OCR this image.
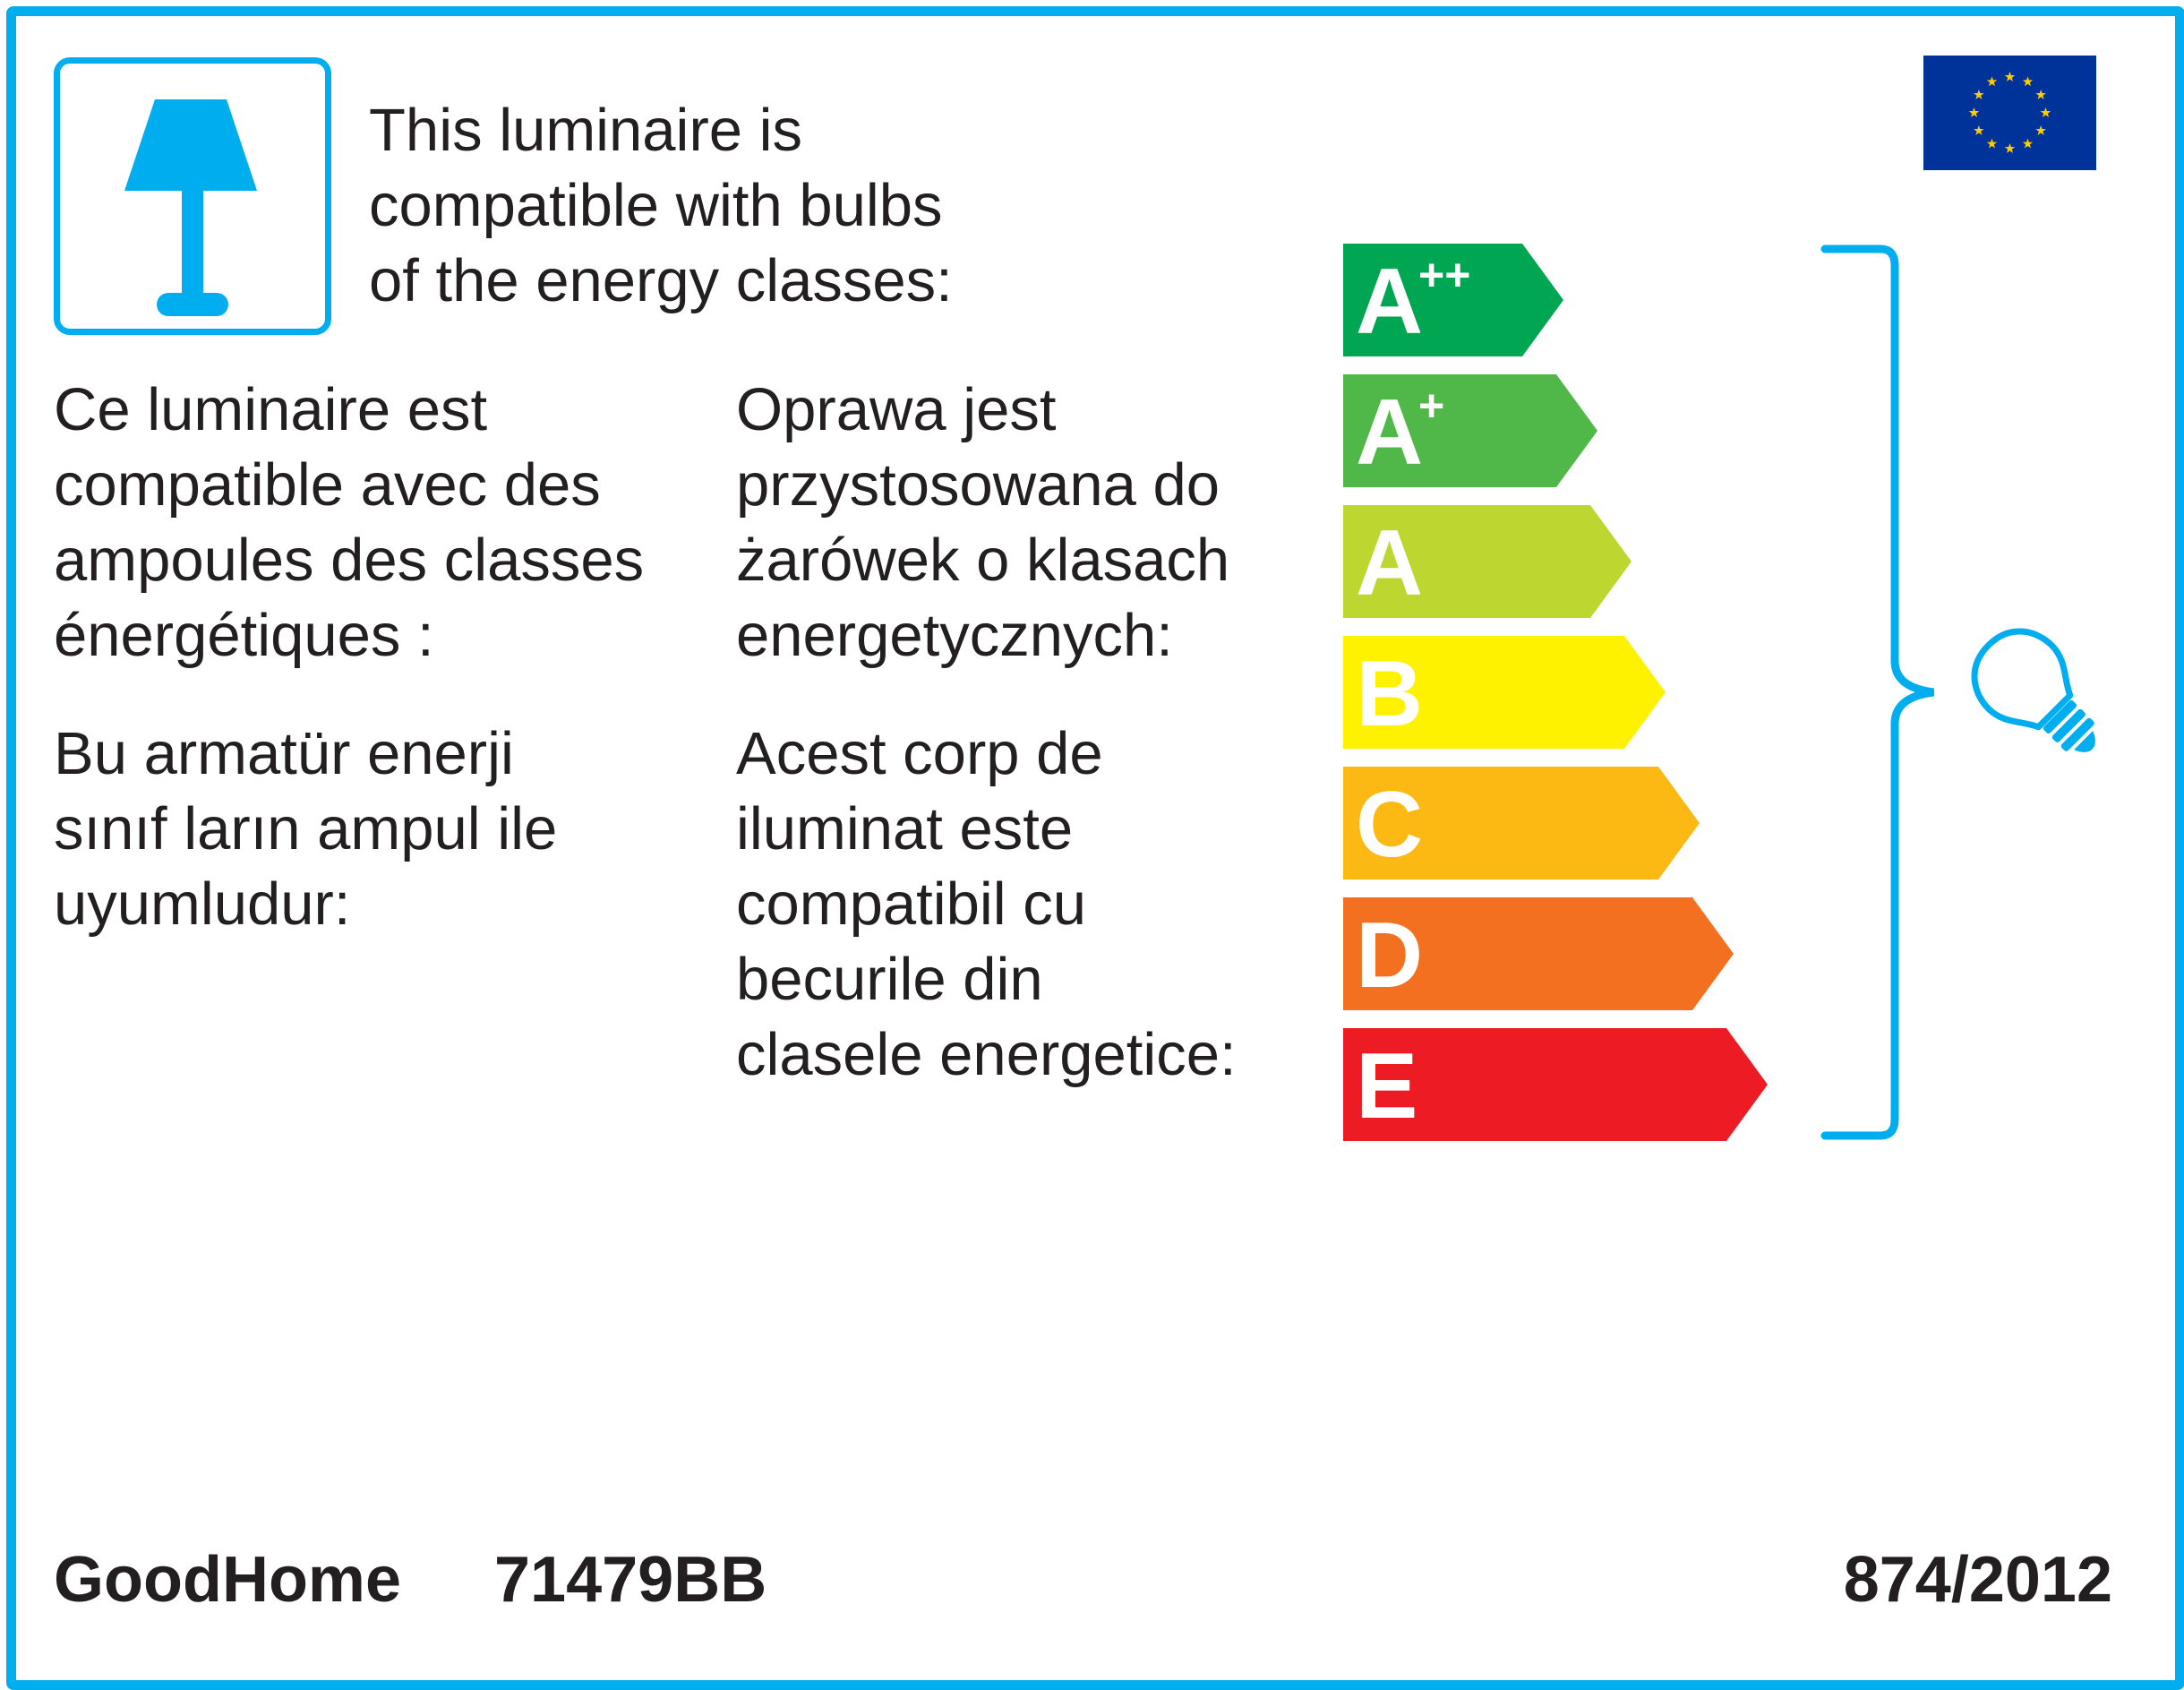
This luminaire is
compatible with bulbs
of the energy classes:
Ce luminaire est
compatible avec des
ampoules des classes
énergétiques :
Oprawa jest
przystosowana do
żarówek o klasach
energetycznych:
Bu armatür enerji
sınıf ların ampul ile
uyumludur:
Acest corp de
iluminat este
compatibil cu
becurile din
clasele energetice:
A
++
A
+
A
B
C
D
E
GoodHome 71479BB	874/2012
